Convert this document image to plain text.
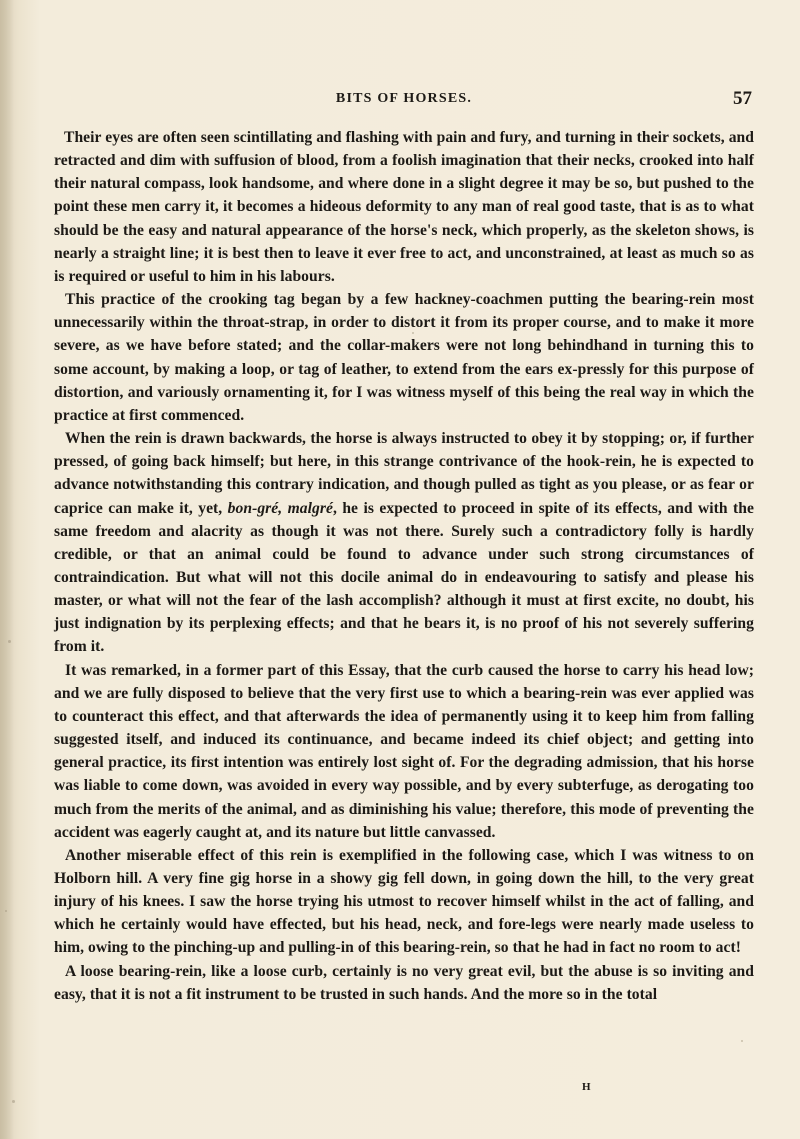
BITS OF HORSES.	57

Their eyes are often seen scintillating and flashing with pain and fury, and turning in their sockets, and retracted and dim with suffusion of blood, from a foolish imagination that their necks, crooked into half their natural compass, look handsome, and where done in a slight degree it may be so, but pushed to the point these men carry it, it becomes a hideous deformity to any man of real good taste, that is as to what should be the easy and natural appearance of the horse's neck, which properly, as the skeleton shows, is nearly a straight line; it is best then to leave it ever free to act, and unconstrained, at least as much so as is required or useful to him in his labours.

This practice of the crooking tag began by a few hackney-coachmen putting the bearing-rein most unnecessarily within the throat-strap, in order to distort it from its proper course, and to make it more severe, as we have before stated; and the collar-makers were not long behindhand in turning this to some account, by making a loop, or tag of leather, to extend from the ears ex-pressly for this purpose of distortion, and variously ornamenting it, for I was witness myself of this being the real way in which the practice at first commenced.

When the rein is drawn backwards, the horse is always instructed to obey it by stopping; or, if further pressed, of going back himself; but here, in this strange contrivance of the hook-rein, he is expected to advance notwithstanding this contrary indication, and though pulled as tight as you please, or as fear or caprice can make it, yet, bon-gré, malgré, he is expected to proceed in spite of its effects, and with the same freedom and alacrity as though it was not there. Surely such a contradictory folly is hardly credible, or that an animal could be found to advance under such strong circumstances of contraindication. But what will not this docile animal do in endeavouring to satisfy and please his master, or what will not the fear of the lash accomplish? although it must at first excite, no doubt, his just indignation by its perplexing effects; and that he bears it, is no proof of his not severely suffering from it.

It was remarked, in a former part of this Essay, that the curb caused the horse to carry his head low; and we are fully disposed to believe that the very first use to which a bearing-rein was ever applied was to counteract this effect, and that afterwards the idea of permanently using it to keep him from falling suggested itself, and induced its continuance, and became indeed its chief object; and getting into general practice, its first intention was entirely lost sight of. For the degrading admission, that his horse was liable to come down, was avoided in every way possible, and by every subterfuge, as derogating too much from the merits of the animal, and as diminishing his value; therefore, this mode of preventing the accident was eagerly caught at, and its nature but little canvassed.

Another miserable effect of this rein is exemplified in the following case, which I was witness to on Holborn hill. A very fine gig horse in a showy gig fell down, in going down the hill, to the very great injury of his knees. I saw the horse trying his utmost to recover himself whilst in the act of falling, and which he certainly would have effected, but his head, neck, and fore-legs were nearly made useless to him, owing to the pinching-up and pulling-in of this bearing-rein, so that he had in fact no room to act!

A loose bearing-rein, like a loose curb, certainly is no very great evil, but the abuse is so inviting and easy, that it is not a fit instrument to be trusted in such hands. And the more so in the total

H
